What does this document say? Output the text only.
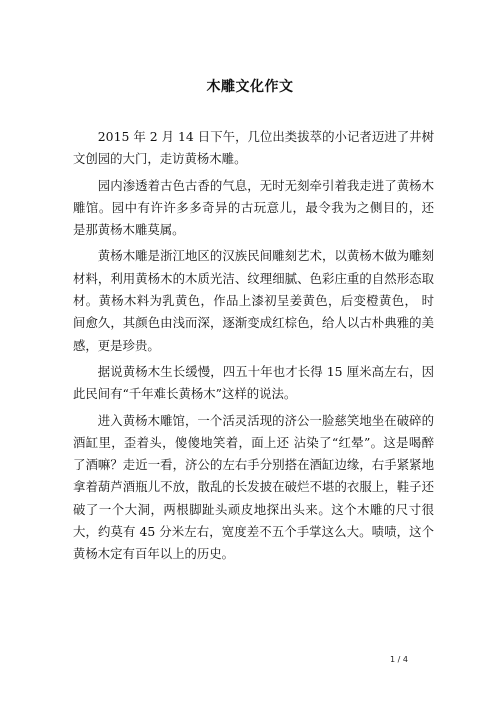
木雕文化作文

2015 年 2 月 14 日下午，几位出类拔萃的小记者迈进了井树文创园的大门，走访黄杨木雕。

园内渗透着古色古香的气息，无时无刻牵引着我走进了黄杨木雕馆。园中有许许多多奇异的古玩意儿，最令我为之侧目的，还 是那黄杨木雕莫属。

黄杨木雕是浙江地区的汉族民间雕刻艺术，以黄杨木做为雕刻材料，利用黄杨木的木质光洁、纹理细腻、色彩庄重的自然形态取材。黄杨木料为乳黄色，作品上漆初呈姜黄色，后变橙黄色， 时间愈久，其颜色由浅而深，逐渐变成红棕色，给人以古朴典雅的美感，更是珍贵。

据说黄杨木生长缓慢，四五十年也才长得 15 厘米高左右，因此民间有“千年难长黄杨木”这样的说法。

进入黄杨木雕馆，一个活灵活现的济公一脸慈笑地坐在破碎的酒缸里，歪着头，傻傻地笑着，面上还 沾染了“红晕”。这是喝醉了酒嘛？走近一看，济公的左右手分别搭在酒缸边缘，右手紧紧地拿着葫芦酒瓶儿不放，散乱的长发披在破烂不堪的衣服上，鞋子还破了一个大洞，两根脚趾头顽皮地探出头来。这个木雕的尺寸很大，约莫有 45 分米左右，宽度差不五个手掌这么大。啧啧，这个黄杨木定有百年以上的历史。

1 / 4
